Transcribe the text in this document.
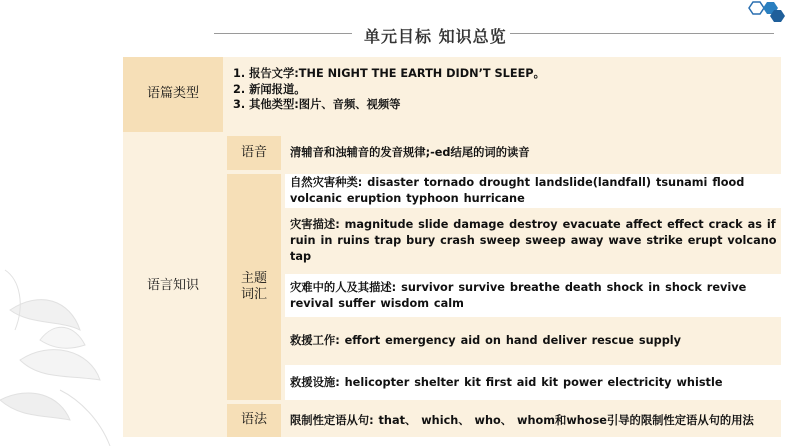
单元目标 知识总览
语篇类型
1. 报告文学:THE NIGHT THE EARTH DIDN’T SLEEP。
2. 新闻报道。
3. 其他类型:图片、音频、视频等
语言知识
语音	清辅音和浊辅音的发音规律;-ed结尾的词的读音
主题
词汇
自然灾害种类: disaster tornado drought landslide(landfall) tsunami flood volcanic eruption typhoon hurricane
灾害描述: magnitude slide damage destroy evacuate affect effect crack as if ruin in ruins trap bury crash sweep sweep away wave strike erupt volcano tap
灾难中的人及其描述: survivor survive breathe death shock in shock revive revival suffer wisdom calm
救援工作: effort emergency aid on hand deliver rescue supply
救援设施: helicopter shelter kit first aid kit power electricity whistle
语法	限制性定语从句: that、 which、 who、 whom和whose引导的限制性定语从句的用法
